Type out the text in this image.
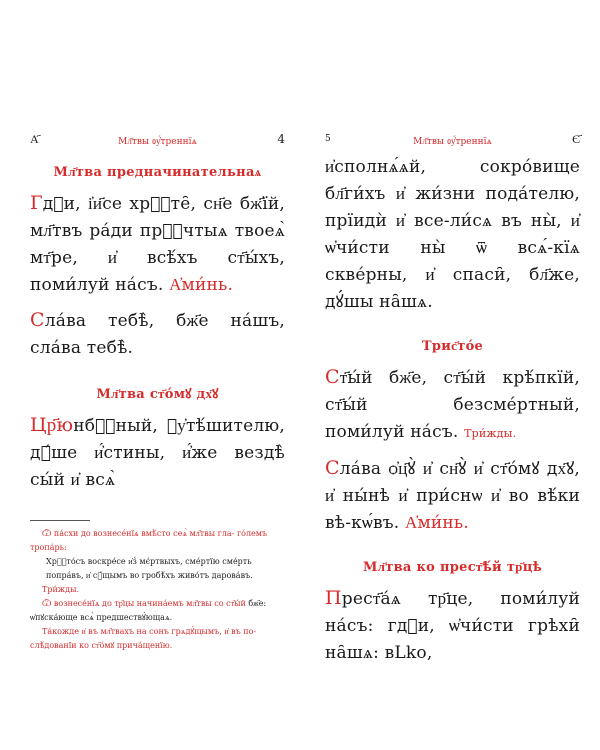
А҃	Мл҃твы ᲂу҆́треннїѧ	4
Мл҃тва предначинательнаѧ

Гдⷭи, і҆и҃се хрⷭ҇те̑, сн҃е бж҃їй, мл҃твъ ра́ди прⷭ҇чтыѧ твоеѧ̀ мт҃ре, и҆ всѣ́хъ ст҃ы́хъ, поми́луй на́съ. А҆ми́нь.

Сла́ва тебѣ̀, бж҃е на́шъ, сла́ва тебѣ̀.

Мл҃тва ст҃о́мꙋ дх҃ꙋ

Цр҃юнбⷭ҇ный, ᲂу҆тѣ́шителю, дꙋ́ше и҆́стины, и҆́же вездѣ̀ сы́й и҆ всѧ̀

Ѿ па́схи до вознесе́нїѧ вмѣ́сто сеѧ̀ мл҃твы гла- го́лемъ тропа́рь:

Хрⷭ҇то́съ воскре́се и҆з̾ мє́ртвыхъ, сме́ртїю сме́рть попра́въ, и҆ сꙋ́щымъ во гробѣ́хъ живо́тъ дарова́въ.

Три́жды.

Ѿ вознесе́нїѧ до тр҃цы начина́емъ мл҃твы со ст҃ы́й бж҃е: ѡ҆пꙋска́юще всѧ̀ предшествꙋ́ющаѧ.

Та́кожде и҆ въ мл҃твахъ на сонъ грѧдꙋ́щымъ, и҆ въ по-слѣ́дованїи ко ст҃о́мꙋ прича́щенїю.

5	Мл҃твы ᲂу҆́треннїѧ	Є҃

и҆сполнѧ́ѧй, сокро́вище бл҃ги́хъ и҆ жи́зни пода́телю, прїидѝ и҆ все-ли́сѧ въ ны̀, и҆ ѡ҆чи́сти ны̀ ѿ всѧ́-кїѧ скве́рны, и҆ спаси̑, бл҃же, дꙋ́шы на̑шѧ.

Трис҃то́е

Ст҃ы́й бж҃е, ст҃ы́й крѣ́пкїй, ст҃ы́й безсме́ртный, поми́луй на́съ. Три́жды.

Сла́ва ѻ҆ц҃ꙋ̀ и҆ сн҃ꙋ̀ и҆ ст҃о́мꙋ дх҃ꙋ, и҆ ны́нѣ и҆ при́снѡ и҆ во вѣ́ки вѣ-кѡ́въ. А҆ми́нь.

Мл҃тва ко прест҃ѣ́й тр҃цѣ

Прест҃а́ѧ тр҃це, поми́луй на́съ: гдⷭи, ѡ҆чи́сти грѣхи̑ на̑шѧ: вLko,
